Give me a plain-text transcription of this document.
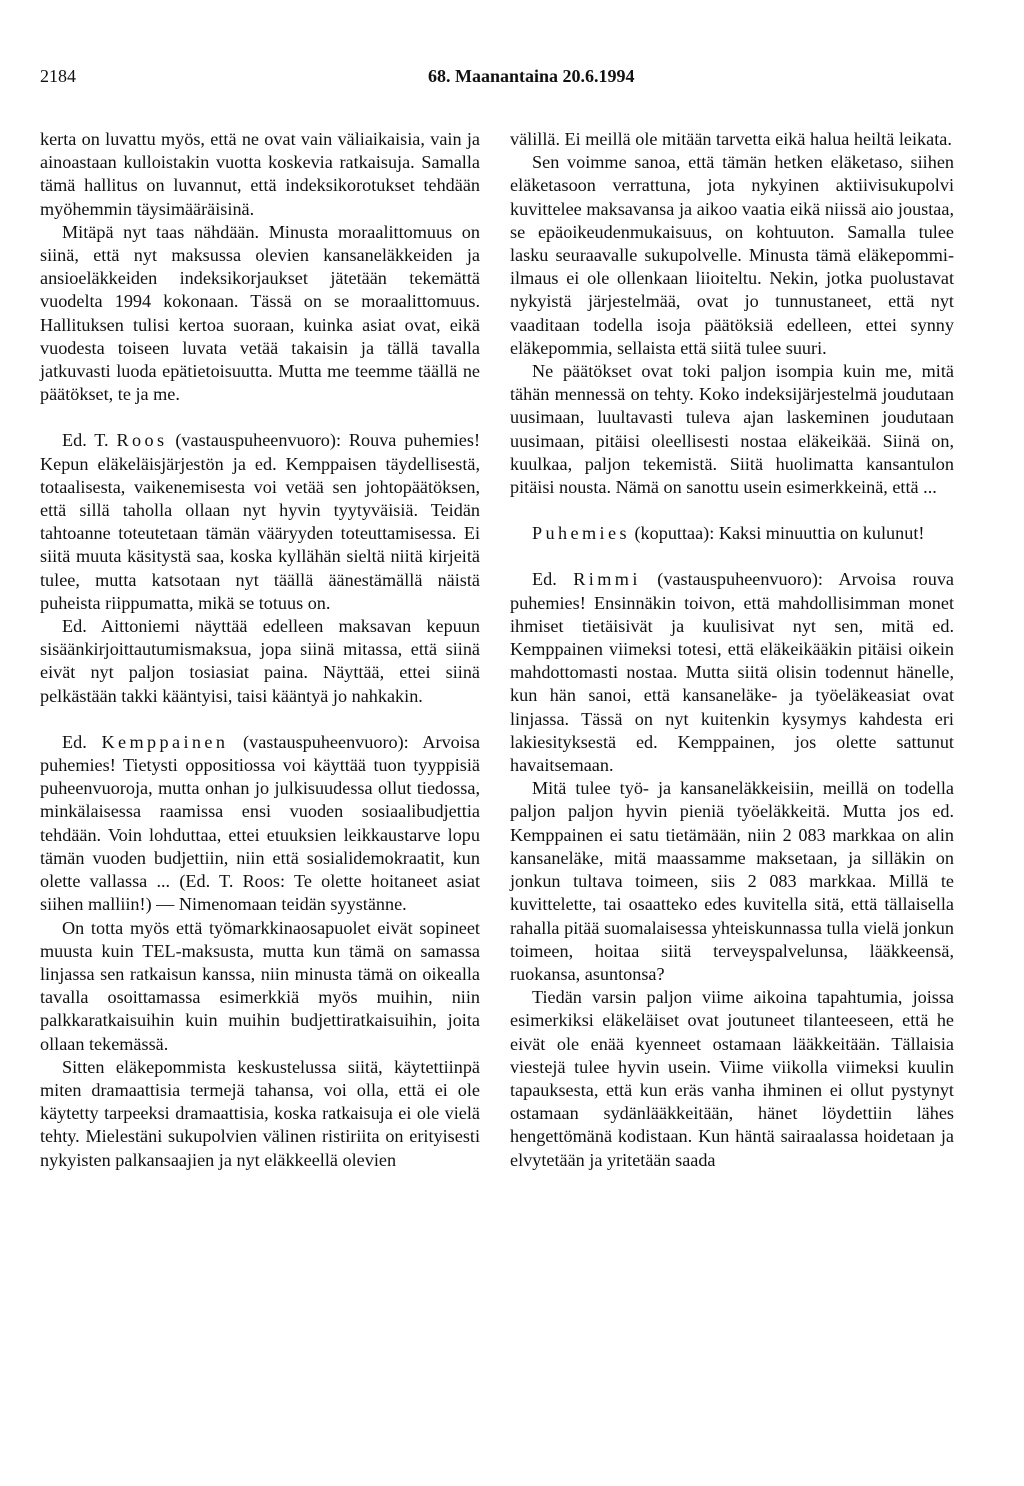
2184	68. Maanantaina 20.6.1994

kerta on luvattu myös, että ne ovat vain väliaikaisia, vain ja ainoastaan kulloistakin vuotta koskevia ratkaisuja. Samalla tämä hallitus on luvannut, että indeksikorotukset tehdään myöhemmin täysimääräisinä.

Mitäpä nyt taas nähdään. Minusta moraalittomuus on siinä, että nyt maksussa olevien kansaneläkkeiden ja ansioeläkkeiden indeksikorjaukset jätetään tekemättä vuodelta 1994 kokonaan. Tässä on se moraalittomuus. Hallituksen tulisi kertoa suoraan, kuinka asiat ovat, eikä vuodesta toiseen luvata vetää takaisin ja tällä tavalla jatkuvasti luoda epätietoisuutta. Mutta me teemme täällä ne päätökset, te ja me.

Ed. T. Roos (vastauspuheenvuoro): Rouva puhemies! Kepun eläkeläisjärjestön ja ed. Kemppaisen täydellisestä, totaalisesta, vaikenemisesta voi vetää sen johtopäätöksen, että sillä taholla ollaan nyt hyvin tyytyväisiä. Teidän tahtoanne toteutetaan tämän vääryyden toteuttamisessa. Ei siitä muuta käsitystä saa, koska kyllähän sieltä niitä kirjeitä tulee, mutta katsotaan nyt täällä äänestämällä näistä puheista riippumatta, mikä se totuus on.

Ed. Aittoniemi näyttää edelleen maksavan kepuun sisäänkirjoittautumismaksua, jopa siinä mitassa, että siinä eivät nyt paljon tosiasiat paina. Näyttää, ettei siinä pelkästään takki kääntyisi, taisi kääntyä jo nahkakin.

Ed. Kemppainen (vastauspuheenvuoro): Arvoisa puhemies! Tietysti oppositiossa voi käyttää tuon tyyppisiä puheenvuoroja, mutta onhan jo julkisuudessa ollut tiedossa, minkälaisessa raamissa ensi vuoden sosiaalibudjettia tehdään. Voin lohduttaa, ettei etuuksien leikkaustarve lopu tämän vuoden budjettiin, niin että sosialidemokraatit, kun olette vallassa ... (Ed. T. Roos: Te olette hoitaneet asiat siihen malliin!) — Nimenomaan teidän syystänne.

On totta myös että työmarkkinaosapuolet eivät sopineet muusta kuin TEL-maksusta, mutta kun tämä on samassa linjassa sen ratkaisun kanssa, niin minusta tämä on oikealla tavalla osoittamassa esimerkkiä myös muihin, niin palkkaratkaisuihin kuin muihin budjettiratkaisuihin, joita ollaan tekemässä.

Sitten eläkepommista keskustelussa siitä, käytettiinpä miten dramaattisia termejä tahansa, voi olla, että ei ole käytetty tarpeeksi dramaattisia, koska ratkaisuja ei ole vielä tehty. Mielestäni sukupolvien välinen ristiriita on erityisesti nykyisten palkansaajien ja nyt eläkkeellä olevien

välillä. Ei meillä ole mitään tarvetta eikä halua heiltä leikata.

Sen voimme sanoa, että tämän hetken eläketaso, siihen eläketasoon verrattuna, jota nykyinen aktiivisukupolvi kuvittelee maksavansa ja aikoo vaatia eikä niissä aio joustaa, se epäoikeudenmukaisuus, on kohtuuton. Samalla tulee lasku seuraavalle sukupolvelle. Minusta tämä eläkepommi-ilmaus ei ole ollenkaan liioiteltu. Nekin, jotka puolustavat nykyistä järjestelmää, ovat jo tunnustaneet, että nyt vaaditaan todella isoja päätöksiä edelleen, ettei synny eläkepommia, sellaista että siitä tulee suuri.

Ne päätökset ovat toki paljon isompia kuin me, mitä tähän mennessä on tehty. Koko indeksijärjestelmä joudutaan uusimaan, luultavasti tuleva ajan laskeminen joudutaan uusimaan, pitäisi oleellisesti nostaa eläkeikää. Siinä on, kuulkaa, paljon tekemistä. Siitä huolimatta kansantulon pitäisi nousta. Nämä on sanottu usein esimerkkeinä, että ...

Puhemies (koputtaa): Kaksi minuuttia on kulunut!

Ed. Rimmi (vastauspuheenvuoro): Arvoisa rouva puhemies! Ensinnäkin toivon, että mahdollisimman monet ihmiset tietäisivät ja kuulisivat nyt sen, mitä ed. Kemppainen viimeksi totesi, että eläkeikääkin pitäisi oikein mahdottomasti nostaa. Mutta siitä olisin todennut hänelle, kun hän sanoi, että kansaneläke- ja työeläkeasiat ovat linjassa. Tässä on nyt kuitenkin kysymys kahdesta eri lakiesityksestä ed. Kemppainen, jos olette sattunut havaitsemaan.

Mitä tulee työ- ja kansaneläkkeisiin, meillä on todella paljon paljon hyvin pieniä työeläkkeitä. Mutta jos ed. Kemppainen ei satu tietämään, niin 2 083 markkaa on alin kansaneläke, mitä maassamme maksetaan, ja silläkin on jonkun tultava toimeen, siis 2 083 markkaa. Millä te kuvittelette, tai osaatteko edes kuvitella sitä, että tällaisella rahalla pitää suomalaisessa yhteiskunnassa tulla vielä jonkun toimeen, hoitaa siitä terveyspalvelunsa, lääkkeensä, ruokansa, asuntonsa?

Tiedän varsin paljon viime aikoina tapahtumia, joissa esimerkiksi eläkeläiset ovat joutuneet tilanteeseen, että he eivät ole enää kyenneet ostamaan lääkkeitään. Tällaisia viestejä tulee hyvin usein. Viime viikolla viimeksi kuulin tapauksesta, että kun eräs vanha ihminen ei ollut pystynyt ostamaan sydänlääkkeitään, hänet löydettiin lähes hengettömänä kodistaan. Kun häntä sairaalassa hoidetaan ja elvytetään ja yritetään saada
